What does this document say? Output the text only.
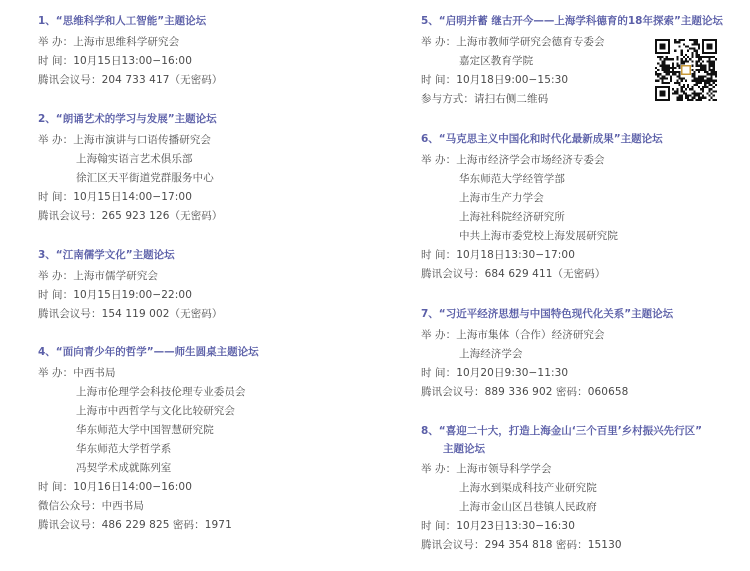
1、“思维科学和人工智能”主题论坛

举 办：上海市思维科学研究会

时 间：10月15日13:00−16:00

腾讯会议号：204 733 417（无密码）

2、“朗诵艺术的学习与发展”主题论坛

举 办：上海市演讲与口语传播研究会

上海翰实语言艺术俱乐部

徐汇区天平街道党群服务中心

时 间：10月15日14:00−17:00

腾讯会议号：265 923 126（无密码）

3、“江南儒学文化”主题论坛

举 办：上海市儒学研究会

时 间：10月15日19:00−22:00

腾讯会议号：154 119 002（无密码）

4、“面向青少年的哲学”——师生圆桌主题论坛

举 办：中西书局

上海市伦理学会科技伦理专业委员会

上海市中西哲学与文化比较研究会

华东师范大学中国智慧研究院

华东师范大学哲学系

冯契学术成就陈列室

时 间：10月16日14:00−16:00

微信公众号：中西书局

腾讯会议号：486 229 825 密码：1971

5、“启明并蓄 继古开今——上海学科德育的18年探索”主题论坛

举 办：上海市教师学研究会德育专委会

嘉定区教育学院

时 间：10月18日9:00−15:30

参与方式：请扫右侧二维码

6、“马克思主义中国化和时代化最新成果”主题论坛

举 办：上海市经济学会市场经济专委会

华东师范大学经管学部

上海市生产力学会

上海社科院经济研究所

中共上海市委党校上海发展研究院

时 间：10月18日13:30−17:00

腾讯会议号：684 629 411（无密码）

7、“习近平经济思想与中国特色现代化关系”主题论坛

举 办：上海市集体（合作）经济研究会

上海经济学会

时 间：10月20日9:30−11:30

腾讯会议号：889 336 902 密码：060658

8、“喜迎二十大，打造上海金山‘三个百里’乡村振兴先行区”

主题论坛

举 办：上海市领导科学学会

上海水到渠成科技产业研究院

上海市金山区吕巷镇人民政府

时 间：10月23日13:30−16:30

腾讯会议号：294 354 818 密码：15130
